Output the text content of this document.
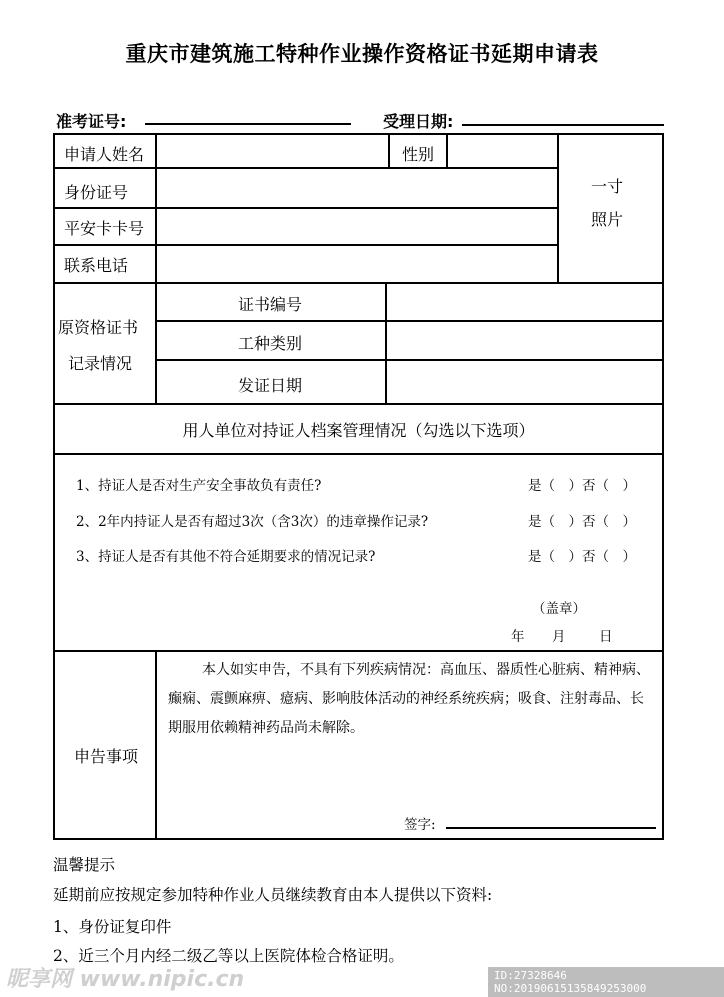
重庆市建筑施工特种作业操作资格证书延期申请表
准考证号:	受理日期:
申请人姓名	性别
身份证号
平安卡卡号
联系电话
一寸
照片
原资格证书
记录情况
证书编号
工种类别
发证日期
用人单位对持证人档案管理情况（勾选以下选项）
1、持证人是否对生产安全事故负有责任?	是（　）否（　）
2、2年内持证人是否有超过3次（含3次）的违章操作记录?	是（　）否（　）
3、持证人是否有其他不符合延期要求的情况记录?	是（　）否（　）
（盖章）
年 月 日
申告事项
本人如实申告，不具有下列疾病情况：高血压、器质性心脏病、精神病、癫痫、震颤麻痹、癔病、影响肢体活动的神经系统疾病；吸食、注射毒品、长期服用依赖精神药品尚未解除。
签字:
温馨提示
延期前应按规定参加特种作业人员继续教育由本人提供以下资料:
1、身份证复印件
2、近三个月内经二级乙等以上医院体检合格证明。
昵享网 www.nipic.cn	ID:27328646 NO:20190615135849253000
